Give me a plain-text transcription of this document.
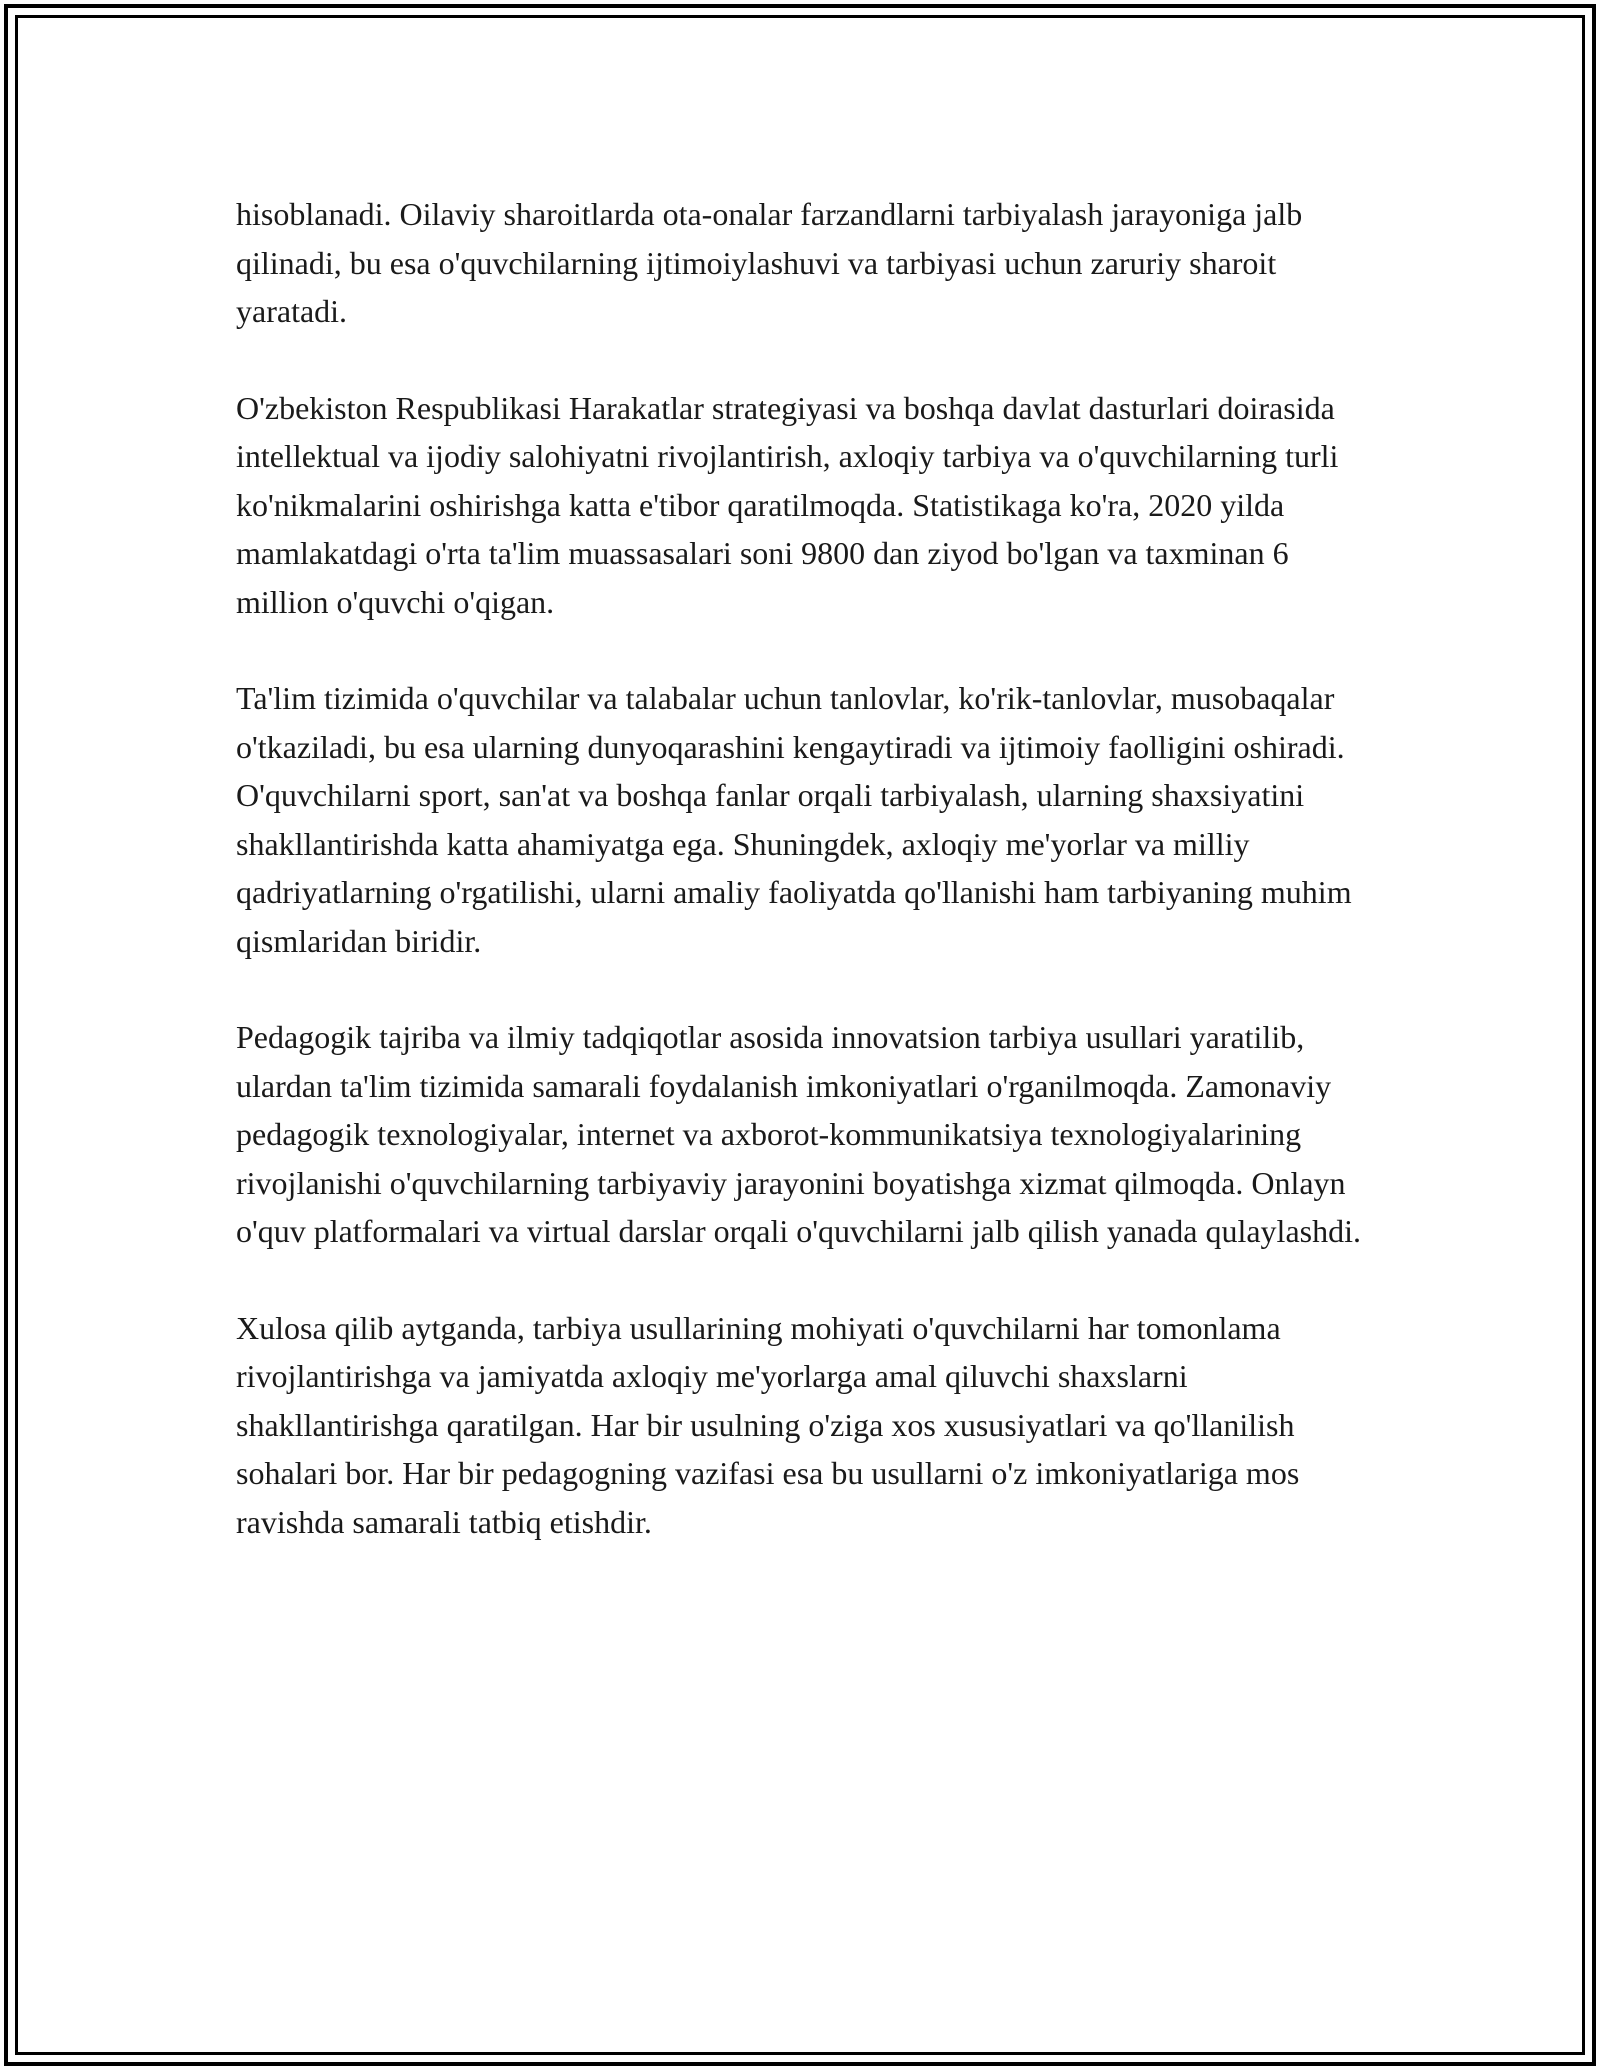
hisoblanadi. Oilaviy sharoitlarda ota-onalar farzandlarni tarbiyalash jarayoniga jalb qilinadi, bu esa o'quvchilarning ijtimoiylashuvi va tarbiyasi uchun zaruriy sharoit yaratadi.

O'zbekiston Respublikasi Harakatlar strategiyasi va boshqa davlat dasturlari doirasida intellektual va ijodiy salohiyatni rivojlantirish, axloqiy tarbiya va o'quvchilarning turli ko'nikmalarini oshirishga katta e'tibor qaratilmoqda. Statistikaga ko'ra, 2020 yilda mamlakatdagi o'rta ta'lim muassasalari soni 9800 dan ziyod bo'lgan va taxminan 6 million o'quvchi o'qigan.

Ta'lim tizimida o'quvchilar va talabalar uchun tanlovlar, ko'rik-tanlovlar, musobaqalar o'tkaziladi, bu esa ularning dunyoqarashini kengaytiradi va ijtimoiy faolligini oshiradi. O'quvchilarni sport, san'at va boshqa fanlar orqali tarbiyalash, ularning shaxsiyatini shakllantirishda katta ahamiyatga ega. Shuningdek, axloqiy me'yorlar va milliy qadriyatlarning o'rgatilishi, ularni amaliy faoliyatda qo'llanishi ham tarbiyaning muhim qismlaridan biridir.

Pedagogik tajriba va ilmiy tadqiqotlar asosida innovatsion tarbiya usullari yaratilib, ulardan ta'lim tizimida samarali foydalanish imkoniyatlari o'rganilmoqda. Zamonaviy pedagogik texnologiyalar, internet va axborot-kommunikatsiya texnologiyalarining rivojlanishi o'quvchilarning tarbiyaviy jarayonini boyatishga xizmat qilmoqda. Onlayn o'quv platformalari va virtual darslar orqali o'quvchilarni jalb qilish yanada qulaylashdi.

Xulosa qilib aytganda, tarbiya usullarining mohiyati o'quvchilarni har tomonlama rivojlantirishga va jamiyatda axloqiy me'yorlarga amal qiluvchi shaxslarni shakllantirishga qaratilgan. Har bir usulning o'ziga xos xususiyatlari va qo'llanilish sohalari bor. Har bir pedagogning vazifasi esa bu usullarni o'z imkoniyatlariga mos ravishda samarali tatbiq etishdir.
